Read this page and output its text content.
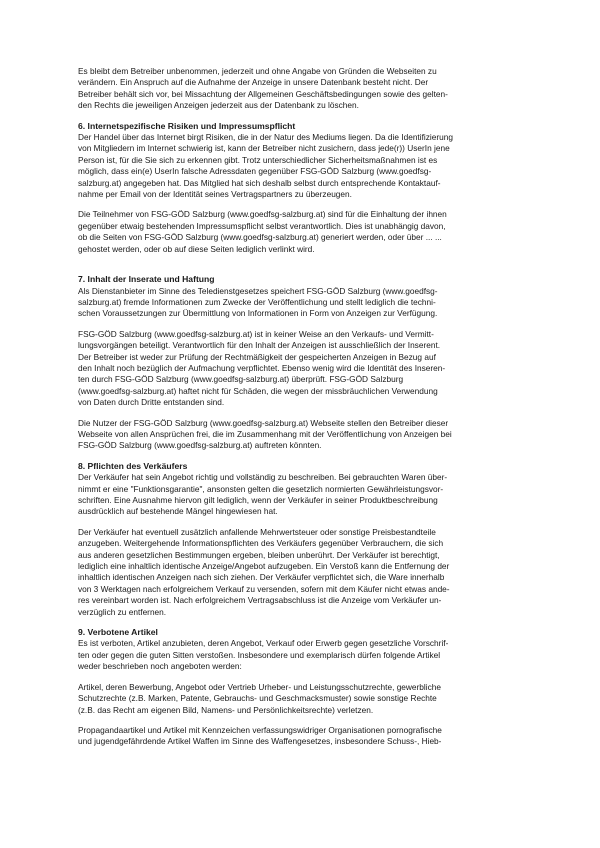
Es bleibt dem Betreiber unbenommen, jederzeit und ohne Angabe von Gründen die Webseiten zu
verändern. Ein Anspruch auf die Aufnahme der Anzeige in unsere Datenbank besteht nicht. Der
Betreiber behält sich vor, bei Missachtung der Allgemeinen Geschäftsbedingungen sowie des gelten-
den Rechts die jeweiligen Anzeigen jederzeit aus der Datenbank zu löschen.

6. Internetspezifische Risiken und Impressumspflicht

Der Handel über das Internet birgt Risiken, die in der Natur des Mediums liegen. Da die Identifizierung
von Mitgliedern im Internet schwierig ist, kann der Betreiber nicht zusichern, dass jede(r)) UserIn jene
Person ist, für die Sie sich zu erkennen gibt. Trotz unterschiedlicher Sicherheitsmaßnahmen ist es
möglich, dass ein(e) UserIn falsche Adressdaten gegenüber FSG-GÖD Salzburg (www.goedfsg-
salzburg.at) angegeben hat. Das Mitglied hat sich deshalb selbst durch entsprechende Kontaktauf-
nahme per Email von der Identität seines Vertragspartners zu überzeugen.

Die Teilnehmer von FSG-GÖD Salzburg (www.goedfsg-salzburg.at) sind für die Einhaltung der ihnen
gegenüber etwaig bestehenden Impressumspflicht selbst verantwortlich. Dies ist unabhängig davon,
ob die Seiten von FSG-GÖD Salzburg (www.goedfsg-salzburg.at) generiert werden, oder über ... ...
gehostet werden, oder ob auf diese Seiten lediglich verlinkt wird.

7. Inhalt der Inserate und Haftung

Als Dienstanbieter im Sinne des Teledienstgesetzes speichert FSG-GÖD Salzburg (www.goedfsg-
salzburg.at) fremde Informationen zum Zwecke der Veröffentlichung und stellt lediglich die techni-
schen Voraussetzungen zur Übermittlung von Informationen in Form von Anzeigen zur Verfügung.

FSG-GÖD Salzburg (www.goedfsg-salzburg.at) ist in keiner Weise an den Verkaufs- und Vermitt-
lungsvorgängen beteiligt. Verantwortlich für den Inhalt der Anzeigen ist ausschließlich der Inserent.
Der Betreiber ist weder zur Prüfung der Rechtmäßigkeit der gespeicherten Anzeigen in Bezug auf
den Inhalt noch bezüglich der Aufmachung verpflichtet. Ebenso wenig wird die Identität des Inseren-
ten durch FSG-GÖD Salzburg (www.goedfsg-salzburg.at) überprüft. FSG-GÖD Salzburg
(www.goedfsg-salzburg.at) haftet nicht für Schäden, die wegen der missbräuchlichen Verwendung
von Daten durch Dritte entstanden sind.

Die Nutzer der FSG-GÖD Salzburg (www.goedfsg-salzburg.at) Webseite stellen den Betreiber dieser
Webseite von allen Ansprüchen frei, die im Zusammenhang mit der Veröffentlichung von Anzeigen bei
FSG-GÖD Salzburg (www.goedfsg-salzburg.at) auftreten könnten.

8. Pflichten des Verkäufers

Der Verkäufer hat sein Angebot richtig und vollständig zu beschreiben. Bei gebrauchten Waren über-
nimmt er eine "Funktionsgarantie", ansonsten gelten die gesetzlich normierten Gewährleistungsvor-
schriften. Eine Ausnahme hiervon gilt lediglich, wenn der Verkäufer in seiner Produktbeschreibung
ausdrücklich auf bestehende Mängel hingewiesen hat.

Der Verkäufer hat eventuell zusätzlich anfallende Mehrwertsteuer oder sonstige Preisbestandteile
anzugeben. Weitergehende Informationspflichten des Verkäufers gegenüber Verbrauchern, die sich
aus anderen gesetzlichen Bestimmungen ergeben, bleiben unberührt. Der Verkäufer ist berechtigt,
lediglich eine inhaltlich identische Anzeige/Angebot aufzugeben. Ein Verstoß kann die Entfernung der
inhaltlich identischen Anzeigen nach sich ziehen. Der Verkäufer verpflichtet sich, die Ware innerhalb
von 3 Werktagen nach erfolgreichem Verkauf zu versenden, sofern mit dem Käufer nicht etwas ande-
res vereinbart worden ist. Nach erfolgreichem Vertragsabschluss ist die Anzeige vom Verkäufer un-
verzüglich zu entfernen.

9. Verbotene Artikel

Es ist verboten, Artikel anzubieten, deren Angebot, Verkauf oder Erwerb gegen gesetzliche Vorschrif-
ten oder gegen die guten Sitten verstoßen. Insbesondere und exemplarisch dürfen folgende Artikel
weder beschrieben noch angeboten werden:

Artikel, deren Bewerbung, Angebot oder Vertrieb Urheber- und Leistungsschutzrechte, gewerbliche
Schutzrechte (z.B. Marken, Patente, Gebrauchs- und Geschmacksmuster) sowie sonstige Rechte
(z.B. das Recht am eigenen Bild, Namens- und Persönlichkeitsrechte) verletzen.

Propagandaartikel und Artikel mit Kennzeichen verfassungswidriger Organisationen pornografische
und jugendgefährdende Artikel Waffen im Sinne des Waffengesetzes, insbesondere Schuss-, Hieb-
